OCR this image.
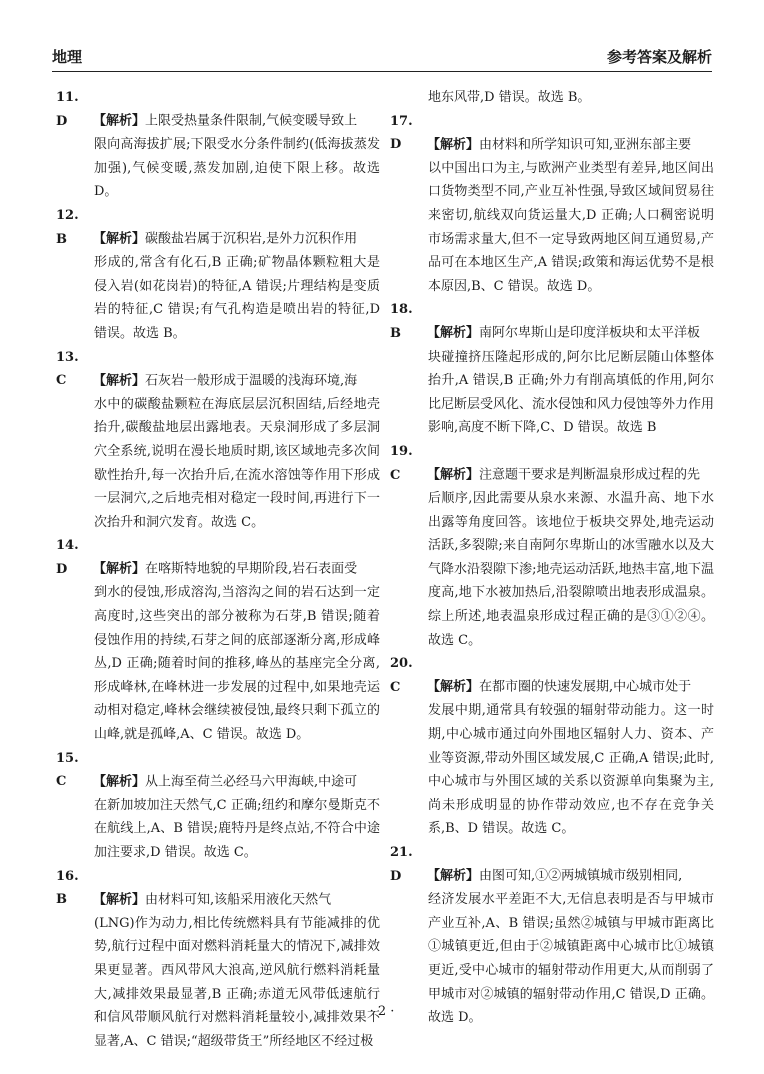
地理	参考答案及解析
11. D 【解析】上限受热量条件限制,气候变暖导致上
限向高海拔扩展;下限受水分条件制约(低海拔蒸发加强),气候变暖,蒸发加剧,迫使下限上移。故选 D。
12. B 【解析】碳酸盐岩属于沉积岩,是外力沉积作用
形成的,常含有化石,B 正确;矿物晶体颗粒粗大是侵入岩(如花岗岩)的特征,A 错误;片理结构是变质岩的特征,C 错误;有气孔构造是喷出岩的特征,D 错误。故选 B。
13. C 【解析】石灰岩一般形成于温暖的浅海环境,海
水中的碳酸盐颗粒在海底层层沉积固结,后经地壳抬升,碳酸盐地层出露地表。天泉洞形成了多层洞穴全系统,说明在漫长地质时期,该区域地壳多次间歇性抬升,每一次抬升后,在流水溶蚀等作用下形成一层洞穴,之后地壳相对稳定一段时间,再进行下一次抬升和洞穴发育。故选 C。
14. D 【解析】在喀斯特地貌的早期阶段,岩石表面受
到水的侵蚀,形成溶沟,当溶沟之间的岩石达到一定高度时,这些突出的部分被称为石芽,B 错误;随着侵蚀作用的持续,石芽之间的底部逐渐分离,形成峰丛,D 正确;随着时间的推移,峰丛的基座完全分离,形成峰林,在峰林进一步发展的过程中,如果地壳运动相对稳定,峰林会继续被侵蚀,最终只剩下孤立的山峰,就是孤峰,A、C 错误。故选 D。
15. C 【解析】从上海至荷兰必经马六甲海峡,中途可
在新加坡加注天然气,C 正确;纽约和摩尔曼斯克不在航线上,A、B 错误;鹿特丹是终点站,不符合中途加注要求,D 错误。故选 C。
16. B 【解析】由材料可知,该船采用液化天然气
(LNG)作为动力,相比传统燃料具有节能减排的优势,航行过程中面对燃料消耗量大的情况下,减排效果更显著。西风带风大浪高,逆风航行燃料消耗量大,减排效果最显著,B 正确;赤道无风带低速航行和信风带顺风航行对燃料消耗量较小,减排效果不显著,A、C 错误;“超级带货王”所经地区不经过极
地东风带,D 错误。故选 B。
17. D 【解析】由材料和所学知识可知,亚洲东部主要
以中国出口为主,与欧洲产业类型有差异,地区间出口货物类型不同,产业互补性强,导致区域间贸易往来密切,航线双向货运量大,D 正确;人口稠密说明市场需求量大,但不一定导致两地区间互通贸易,产品可在本地区生产,A 错误;政策和海运优势不是根本原因,B、C 错误。故选 D。
18. B 【解析】南阿尔卑斯山是印度洋板块和太平洋板
块碰撞挤压隆起形成的,阿尔比尼断层随山体整体抬升,A 错误,B 正确;外力有削高填低的作用,阿尔比尼断层受风化、流水侵蚀和风力侵蚀等外力作用影响,高度不断下降,C、D 错误。故选 B
19. C 【解析】注意题干要求是判断温泉形成过程的先
后顺序,因此需要从泉水来源、水温升高、地下水出露等角度回答。该地位于板块交界处,地壳运动活跃,多裂隙;来自南阿尔卑斯山的冰雪融水以及大气降水沿裂隙下渗;地壳运动活跃,地热丰富,地下温度高,地下水被加热后,沿裂隙喷出地表形成温泉。综上所述,地表温泉形成过程正确的是③①②④。故选 C。
20. C 【解析】在都市圈的快速发展期,中心城市处于
发展中期,通常具有较强的辐射带动能力。这一时期,中心城市通过向外围地区辐射人力、资本、产业等资源,带动外围区域发展,C 正确,A 错误;此时,中心城市与外围区域的关系以资源单向集聚为主,尚未形成明显的协作带动效应,也不存在竞争关系,B、D 错误。故选 C。
21. D 【解析】由图可知,①②两城镇城市级别相同,
经济发展水平差距不大,无信息表明是否与甲城市产业互补,A、B 错误;虽然②城镇与甲城市距离比①城镇更近,但由于②城镇距离中心城市比①城镇更近,受中心城市的辐射带动作用更大,从而削弱了甲城市对②城镇的辐射带动作用,C 错误,D 正确。故选 D。
· 2 ·
